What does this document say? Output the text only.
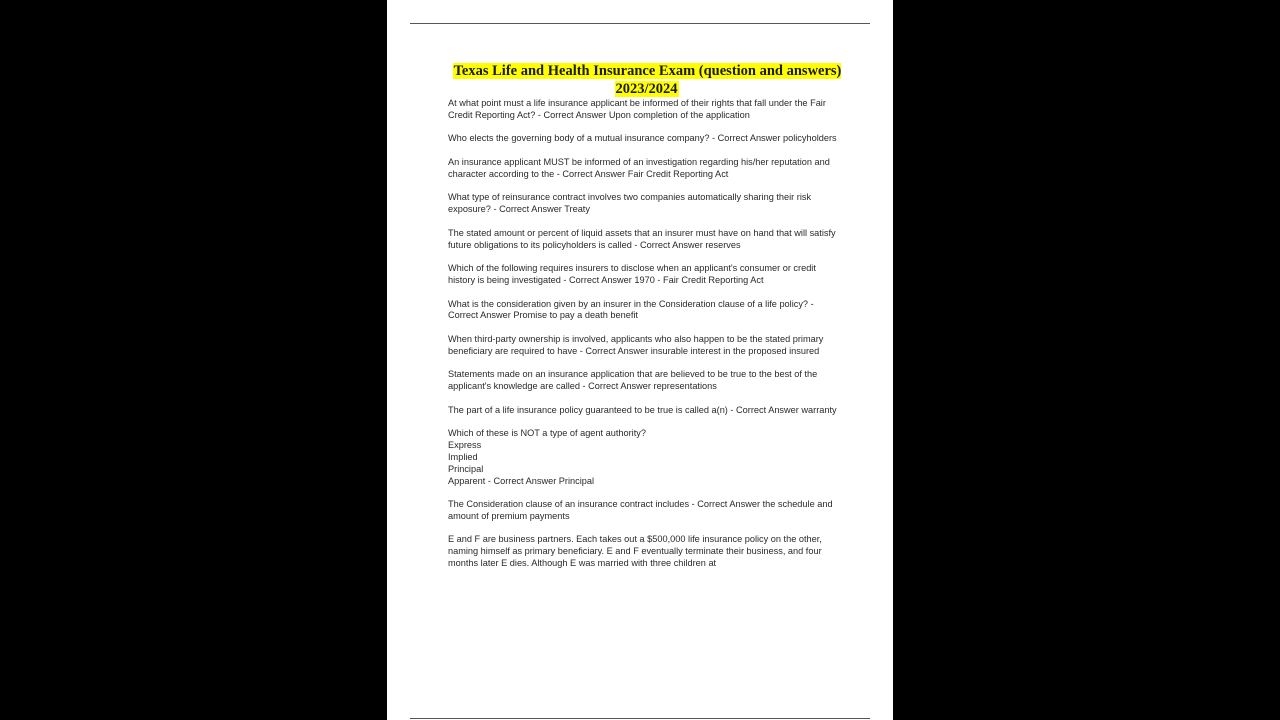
Texas Life and Health Insurance Exam (question and answers) 2023/2024

At what point must a life insurance applicant be informed of their rights that fall under the Fair Credit Reporting Act? - Correct Answer Upon completion of the application

Who elects the governing body of a mutual insurance company? - Correct Answer policyholders

An insurance applicant MUST be informed of an investigation regarding his/her reputation and character according to the - Correct Answer Fair Credit Reporting Act

What type of reinsurance contract involves two companies automatically sharing their risk exposure? - Correct Answer Treaty

The stated amount or percent of liquid assets that an insurer must have on hand that will satisfy future obligations to its policyholders is called - Correct Answer reserves

Which of the following requires insurers to disclose when an applicant's consumer or credit history is being investigated - Correct Answer 1970 - Fair Credit Reporting Act

What is the consideration given by an insurer in the Consideration clause of a life policy? - Correct Answer Promise to pay a death benefit

When third-party ownership is involved, applicants who also happen to be the stated primary beneficiary are required to have - Correct Answer insurable interest in the proposed insured

Statements made on an insurance application that are believed to be true to the best of the applicant's knowledge are called - Correct Answer representations

The part of a life insurance policy guaranteed to be true is called a(n) - Correct Answer warranty

Which of these is NOT a type of agent authority?
Express
Implied
Principal
Apparent - Correct Answer Principal

The Consideration clause of an insurance contract includes - Correct Answer the schedule and amount of premium payments

E and F are business partners. Each takes out a $500,000 life insurance policy on the other, naming himself as primary beneficiary. E and F eventually terminate their business, and four months later E dies. Although E was married with three children at
